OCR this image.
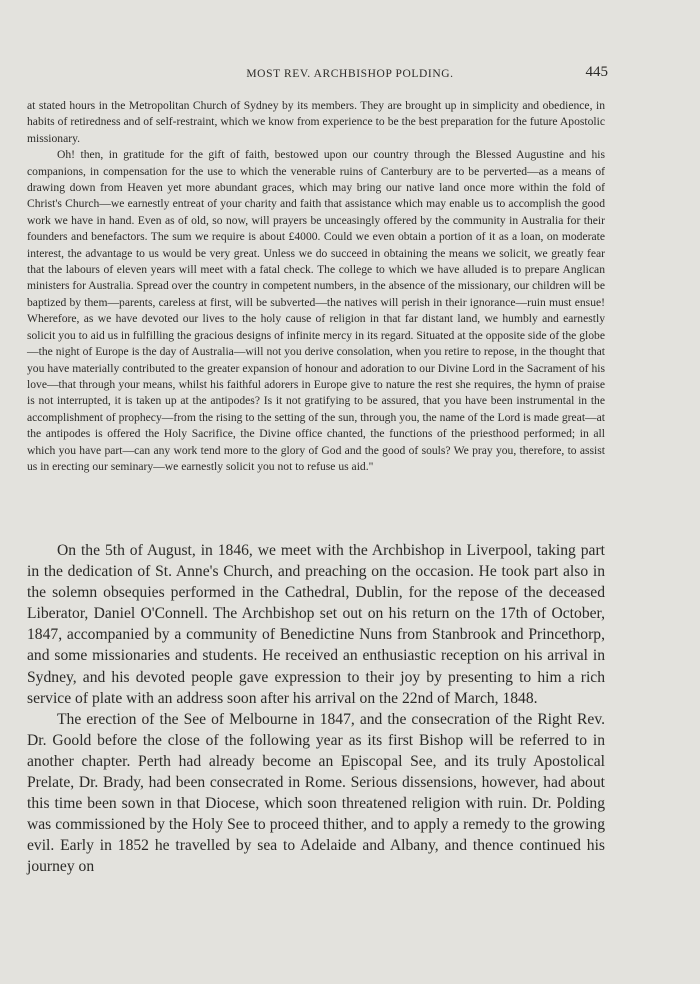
MOST REV. ARCHBISHOP POLDING.	445

at stated hours in the Metropolitan Church of Sydney by its members. They are brought up in simplicity and obedience, in habits of retiredness and of self-restraint, which we know from experience to be the best preparation for the future Apostolic missionary.

Oh! then, in gratitude for the gift of faith, bestowed upon our country through the Blessed Augustine and his companions, in compensation for the use to which the venerable ruins of Canterbury are to be perverted—as a means of drawing down from Heaven yet more abundant graces, which may bring our native land once more within the fold of Christ's Church—we earnestly entreat of your charity and faith that assistance which may enable us to accomplish the good work we have in hand. Even as of old, so now, will prayers be unceasingly offered by the community in Australia for their founders and benefactors. The sum we require is about £4000. Could we even obtain a portion of it as a loan, on moderate interest, the advantage to us would be very great. Unless we do succeed in obtaining the means we solicit, we greatly fear that the labours of eleven years will meet with a fatal check. The college to which we have alluded is to prepare Anglican ministers for Australia. Spread over the country in competent numbers, in the absence of the missionary, our children will be baptized by them—parents, careless at first, will be subverted—the natives will perish in their ignorance—ruin must ensue! Wherefore, as we have devoted our lives to the holy cause of religion in that far distant land, we humbly and earnestly solicit you to aid us in fulfilling the gracious designs of infinite mercy in its regard. Situated at the opposite side of the globe—the night of Europe is the day of Australia—will not you derive consolation, when you retire to repose, in the thought that you have materially contributed to the greater expansion of honour and adoration to our Divine Lord in the Sacrament of his love—that through your means, whilst his faithful adorers in Europe give to nature the rest she requires, the hymn of praise is not interrupted, it is taken up at the antipodes? Is it not gratifying to be assured, that you have been instrumental in the accomplishment of prophecy—from the rising to the setting of the sun, through you, the name of the Lord is made great—at the antipodes is offered the Holy Sacrifice, the Divine office chanted, the functions of the priesthood performed; in all which you have part—can any work tend more to the glory of God and the good of souls? We pray you, therefore, to assist us in erecting our seminary—we earnestly solicit you not to refuse us aid."

On the 5th of August, in 1846, we meet with the Archbishop in Liverpool, taking part in the dedication of St. Anne's Church, and preaching on the occasion. He took part also in the solemn obsequies performed in the Cathedral, Dublin, for the repose of the deceased Liberator, Daniel O'Connell. The Archbishop set out on his return on the 17th of October, 1847, accompanied by a community of Benedictine Nuns from Stanbrook and Princethorp, and some missionaries and students. He received an enthusiastic reception on his arrival in Sydney, and his devoted people gave expression to their joy by presenting to him a rich service of plate with an address soon after his arrival on the 22nd of March, 1848.

The erection of the See of Melbourne in 1847, and the consecration of the Right Rev. Dr. Goold before the close of the following year as its first Bishop will be referred to in another chapter. Perth had already become an Episcopal See, and its truly Apostolical Prelate, Dr. Brady, had been consecrated in Rome. Serious dissensions, however, had about this time been sown in that Diocese, which soon threatened religion with ruin. Dr. Polding was commissioned by the Holy See to proceed thither, and to apply a remedy to the growing evil. Early in 1852 he travelled by sea to Adelaide and Albany, and thence continued his journey on
